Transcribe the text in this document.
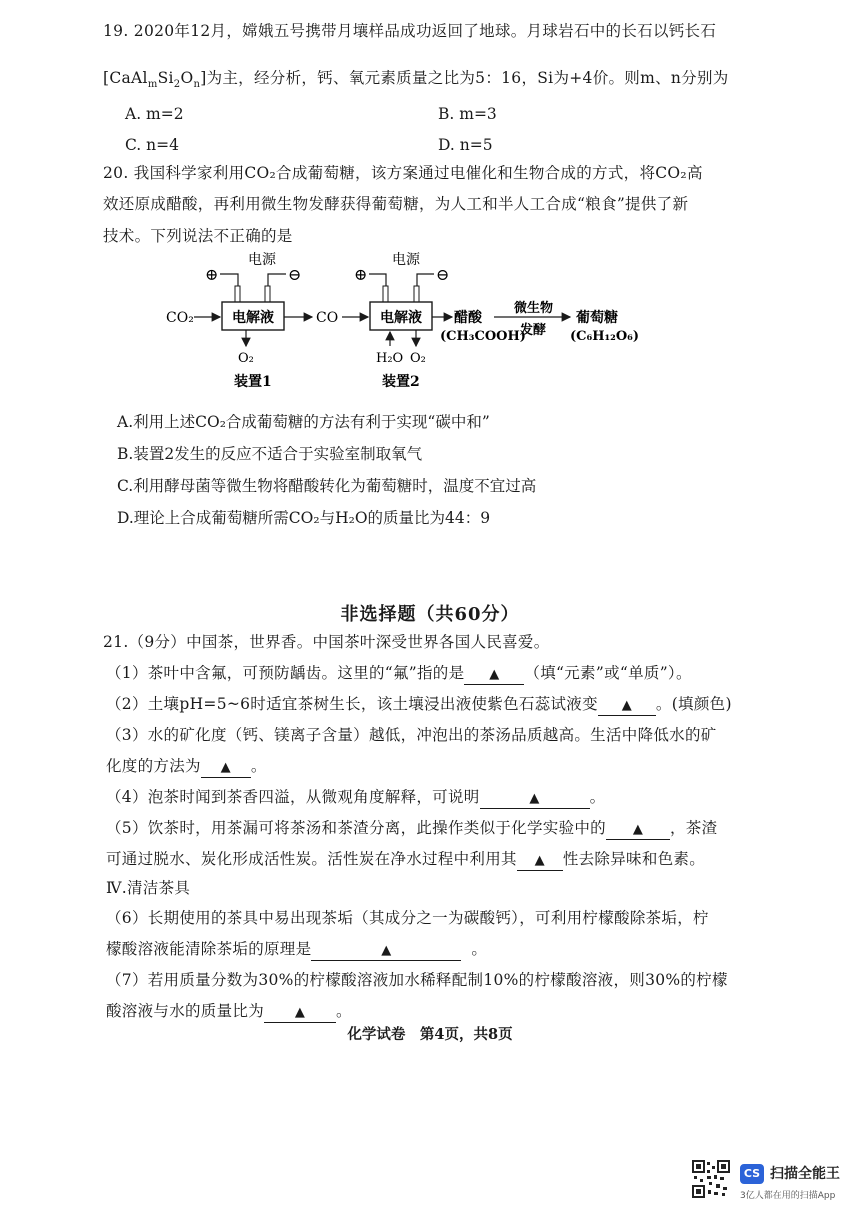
19. 2020年12月，嫦娥五号携带月壤样品成功返回了地球。月球岩石中的长石以钙长石
$[CaAl_mSi_2O_n]$为主，经分析，钙、氧元素质量之比为5：16，Si为+4价。则m、n分别为
A. m=2	B. m=3
C. n=4	D. n=5
20. 我国科学家利用CO₂合成葡萄糖，该方案通过电催化和生物合成的方式，将CO₂高
效还原成醋酸，再利用微生物发酵获得葡萄糖，为人工和半人工合成“粮食”提供了新
技术。下列说法不正确的是
电源
⊕	⊖
电解液
CO₂	CO
O₂
装置1
电源
⊕	⊖
电解液
H₂O O₂
装置2
醋酸
(CH₃COOH)
微生物
发酵
葡萄糖
(C₆H₁₂O₆)
A.利用上述CO₂合成葡萄糖的方法有利于实现“碳中和”
B.装置2发生的反应不适合于实验室制取氧气
C.利用酵母菌等微生物将醋酸转化为葡萄糖时，温度不宜过高
D.理论上合成葡萄糖所需CO₂与H₂O的质量比为44：9
非选择题（共60分）
21.（9分）中国茶，世界香。中国茶叶深受世界各国人民喜爱。
（1）茶叶中含氟，可预防龋齿。这里的“氟”指的是 ▲ （填“元素”或“单质”）。
（2）土壤pH=5~6时适宜茶树生长，该土壤浸出液使紫色石蕊试液变 ▲ 。(填颜色)
（3）水的矿化度（钙、镁离子含量）越低，冲泡出的茶汤品质越高。生活中降低水的矿
化度的方法为 ▲ 。
（4）泡茶时闻到茶香四溢，从微观角度解释，可说明	▲	。
（5）饮茶时，用茶漏可将茶汤和茶渣分离，此操作类似于化学实验中的 ▲ ，茶渣
可通过脱水、炭化形成活性炭。活性炭在净水过程中利用其 ▲ 性去除异味和色素。
Ⅳ.清洁茶具
（6）长期使用的茶具中易出现茶垢（其成分之一为碳酸钙），可利用柠檬酸除茶垢，柠
檬酸溶液能清除茶垢的原理是	▲	。
（7）若用质量分数为30%的柠檬酸溶液加水稀释配制10%的柠檬酸溶液，则30%的柠檬
酸溶液与水的质量比为 ▲ 。
化学试卷　第4页，共8页
CS 扫描全能王
3亿人都在用的扫描App
